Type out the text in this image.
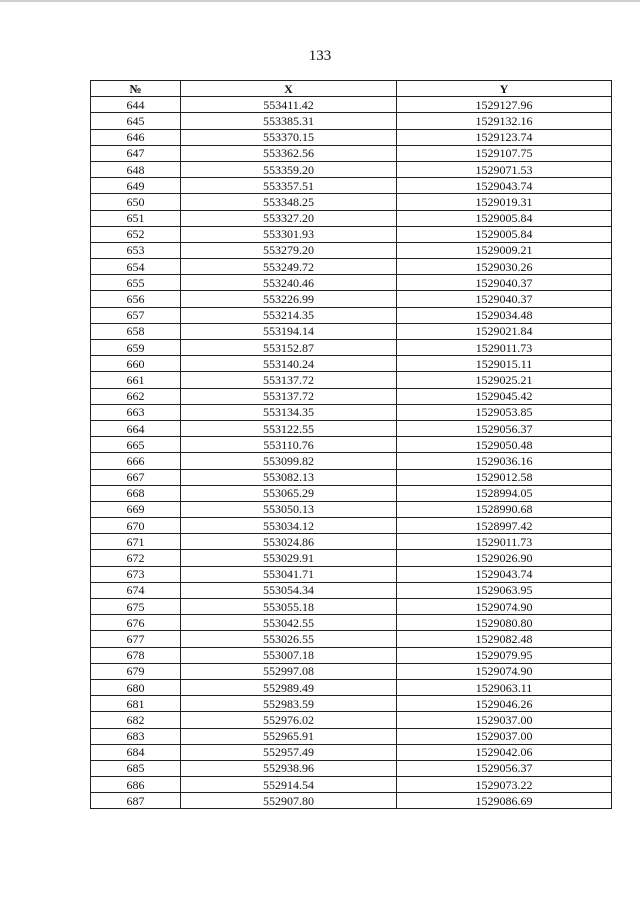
133
№	X	Y
644	553411.42	1529127.96
645	553385.31	1529132.16
646	553370.15	1529123.74
647	553362.56	1529107.75
648	553359.20	1529071.53
649	553357.51	1529043.74
650	553348.25	1529019.31
651	553327.20	1529005.84
652	553301.93	1529005.84
653	553279.20	1529009.21
654	553249.72	1529030.26
655	553240.46	1529040.37
656	553226.99	1529040.37
657	553214.35	1529034.48
658	553194.14	1529021.84
659	553152.87	1529011.73
660	553140.24	1529015.11
661	553137.72	1529025.21
662	553137.72	1529045.42
663	553134.35	1529053.85
664	553122.55	1529056.37
665	553110.76	1529050.48
666	553099.82	1529036.16
667	553082.13	1529012.58
668	553065.29	1528994.05
669	553050.13	1528990.68
670	553034.12	1528997.42
671	553024.86	1529011.73
672	553029.91	1529026.90
673	553041.71	1529043.74
674	553054.34	1529063.95
675	553055.18	1529074.90
676	553042.55	1529080.80
677	553026.55	1529082.48
678	553007.18	1529079.95
679	552997.08	1529074.90
680	552989.49	1529063.11
681	552983.59	1529046.26
682	552976.02	1529037.00
683	552965.91	1529037.00
684	552957.49	1529042.06
685	552938.96	1529056.37
686	552914.54	1529073.22
687	552907.80	1529086.69
